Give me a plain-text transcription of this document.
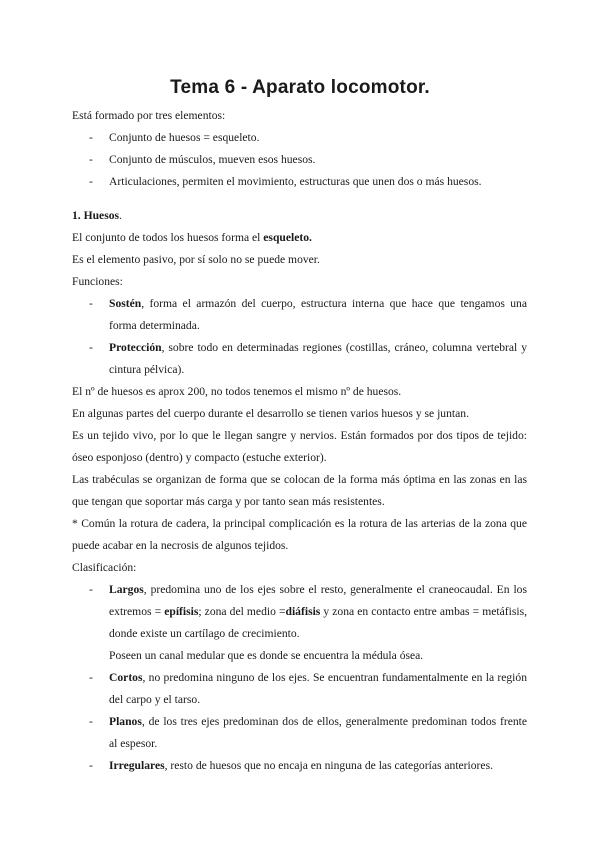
Tema 6 - Aparato locomotor.

Está formado por tres elementos:

- Conjunto de huesos = esqueleto.
- Conjunto de músculos, mueven esos huesos.
- Articulaciones, permiten el movimiento, estructuras que unen dos o más huesos.

1. Huesos.

El conjunto de todos los huesos forma el esqueleto.

Es el elemento pasivo, por sí solo no se puede mover.

Funciones:

- Sostén, forma el armazón del cuerpo, estructura interna que hace que tengamos una forma determinada.
- Protección, sobre todo en determinadas regiones (costillas, cráneo, columna vertebral y cintura pélvica).

El nº de huesos es aprox 200, no todos tenemos el mismo nº de huesos.

En algunas partes del cuerpo durante el desarrollo se tienen varios huesos y se juntan.

Es un tejido vivo, por lo que le llegan sangre y nervios. Están formados por dos tipos de tejido: óseo esponjoso (dentro) y compacto (estuche exterior).

Las trabéculas se organizan de forma que se colocan de la forma más óptima en las zonas en las que tengan que soportar más carga y por tanto sean más resistentes.

* Común la rotura de cadera, la principal complicación es la rotura de las arterias de la zona que puede acabar en la necrosis de algunos tejidos.

Clasificación:

- Largos, predomina uno de los ejes sobre el resto, generalmente el craneocaudal. En los extremos = epífisis; zona del medio =diáfisis y zona en contacto entre ambas = metáfisis, donde existe un cartílago de crecimiento.
Poseen un canal medular que es donde se encuentra la médula ósea.
- Cortos, no predomina ninguno de los ejes. Se encuentran fundamentalmente en la región del carpo y el tarso.
- Planos, de los tres ejes predominan dos de ellos, generalmente predominan todos frente al espesor.
- Irregulares, resto de huesos que no encaja en ninguna de las categorías anteriores.
